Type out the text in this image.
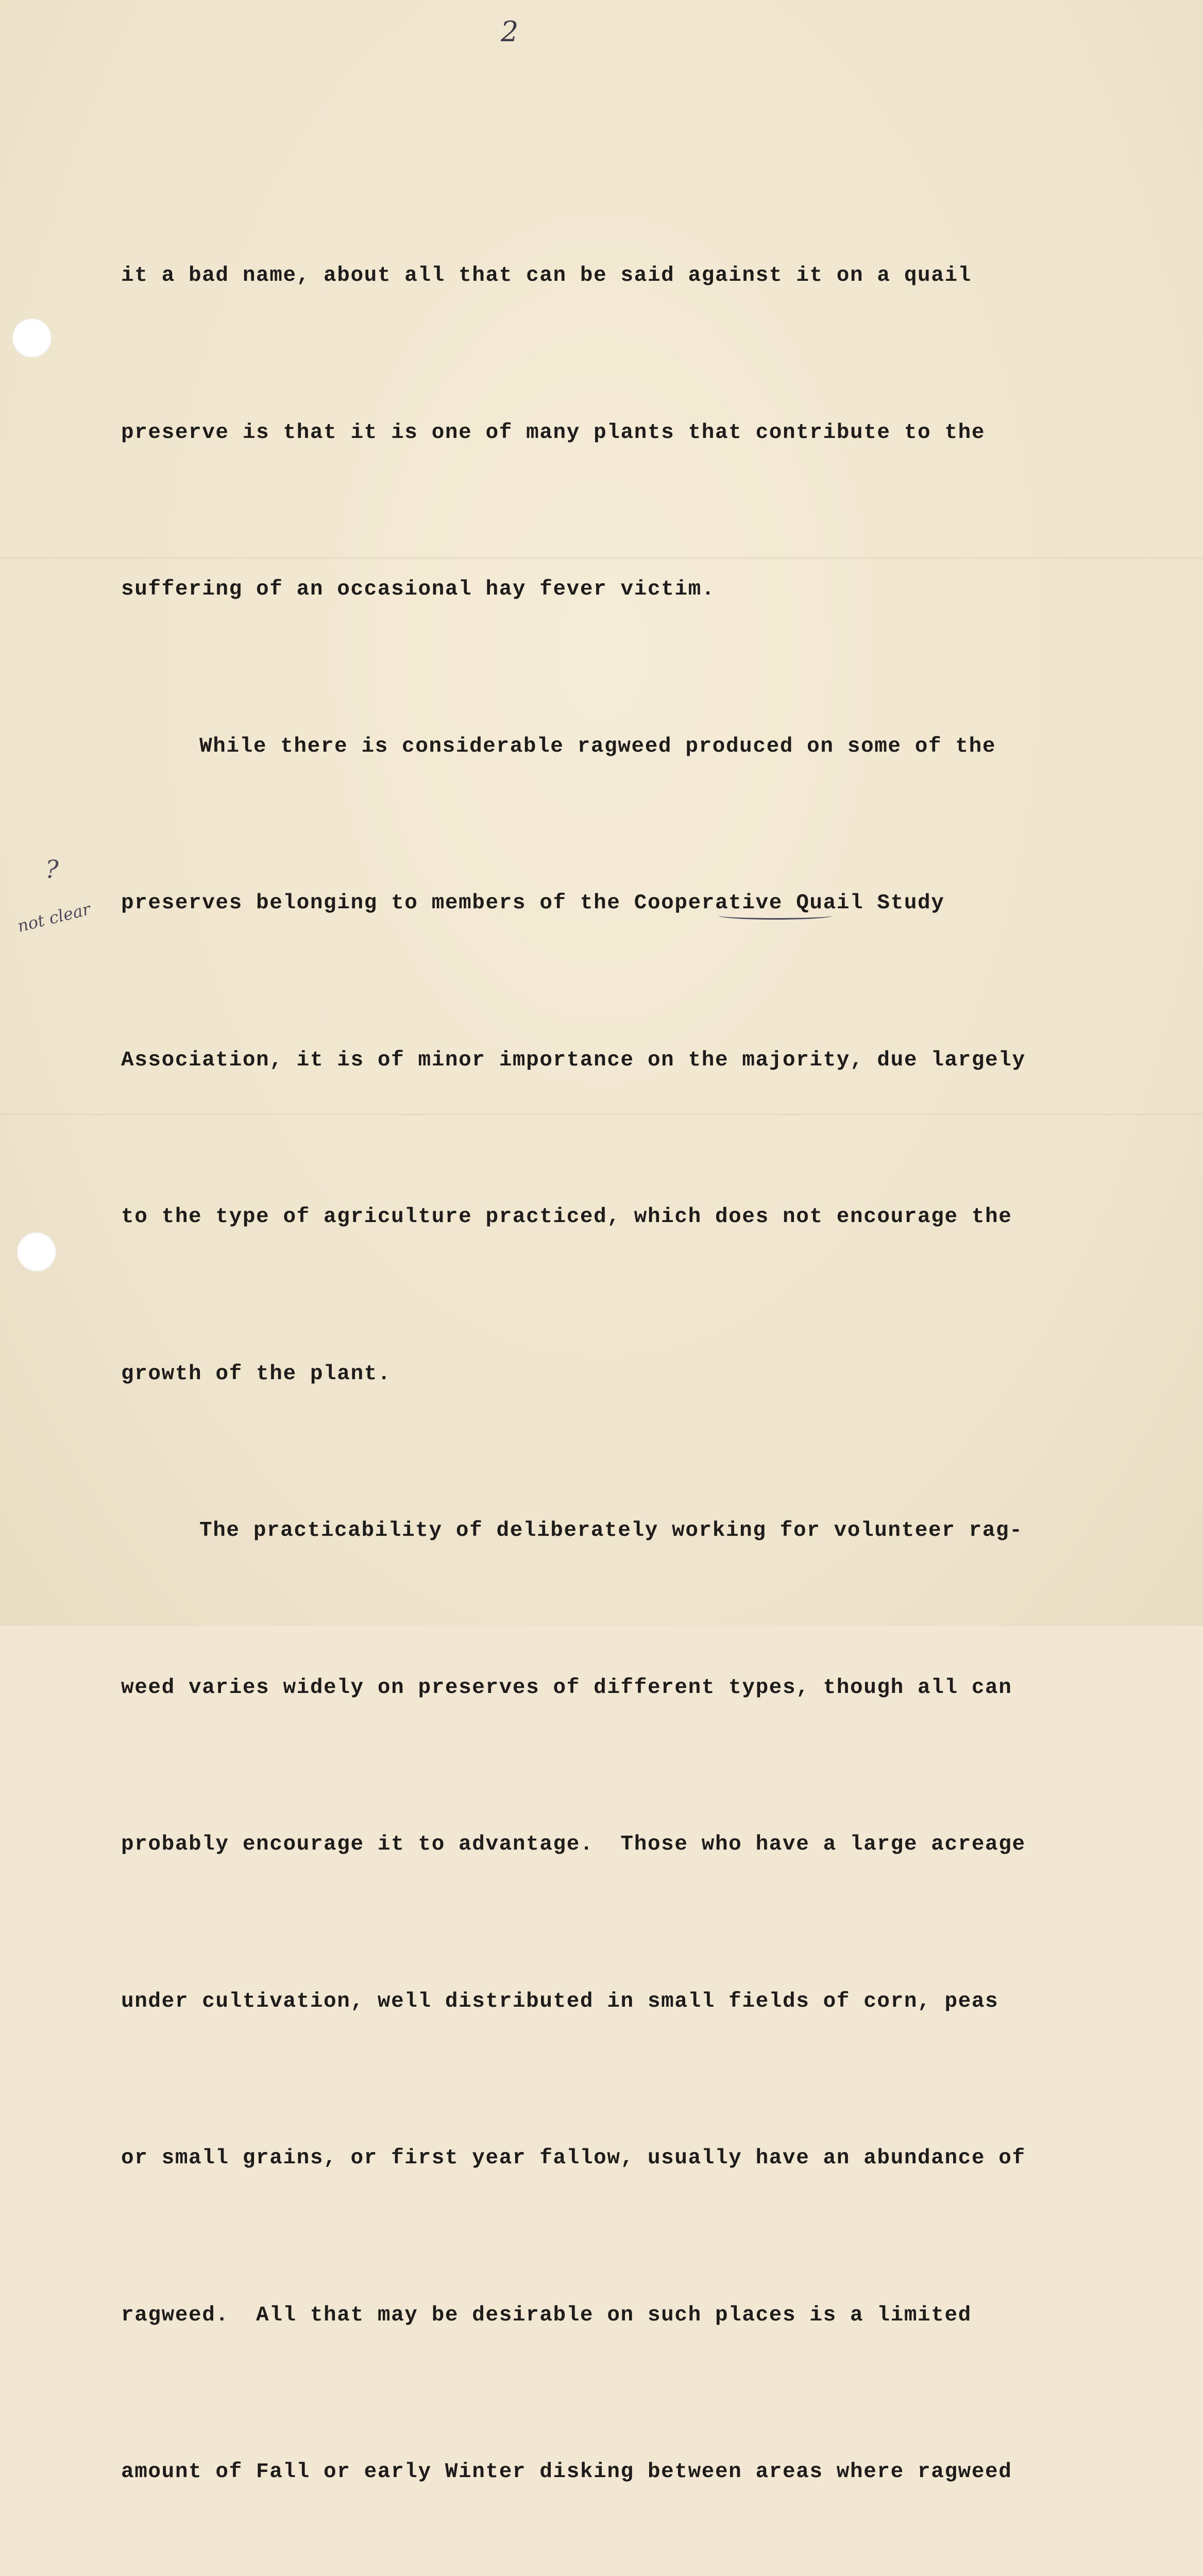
2
?
not clear

it a bad name, about all that can be said against it on a quail

preserve is that it is one of many plants that contribute to the

suffering of an occasional hay fever victim.

While there is considerable ragweed produced on some of the

preserves belonging to members of the Cooperative Quail Study

Association, it is of minor importance on the majority, due largely

to the type of agriculture practiced, which does not encourage the

growth of the plant.

The practicability of deliberately working for volunteer rag-

weed varies widely on preserves of different types, though all can

probably encourage it to advantage.  Those who have a large acreage

under cultivation, well distributed in small fields of corn, peas

or small grains, or first year fallow, usually have an abundance of

ragweed.  All that may be desirable on such places is a limited

amount of Fall or early Winter disking between areas where ragweed
